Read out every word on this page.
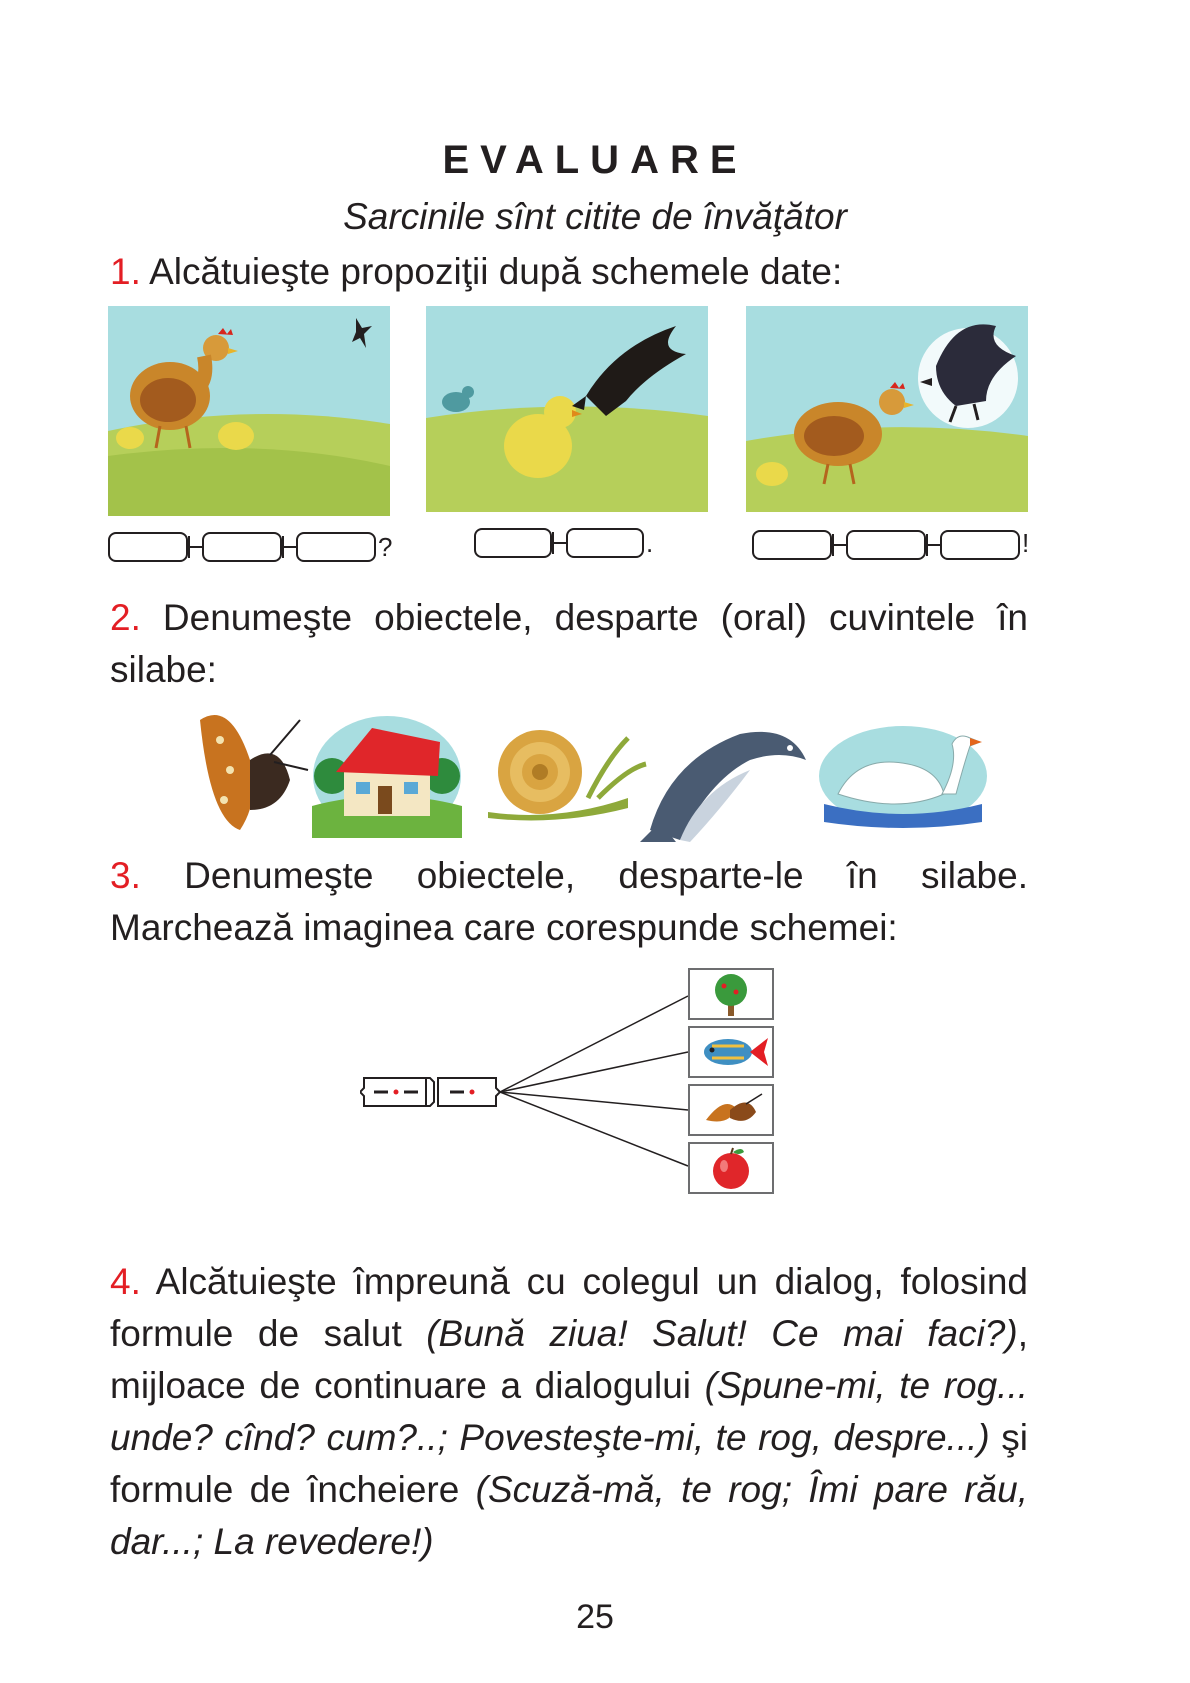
EVALUARE
Sarcinile sînt citite de învăţător
1. Alcătuieşte propoziţii după schemele date:
?	.	!
2. Denumeşte obiectele, desparte (oral) cuvintele în silabe:
3. Denumeşte obiectele, desparte-le în silabe. Marchează imaginea care corespunde schemei:
4. Alcătuieşte împreună cu colegul un dialog, folosind formule de salut (Bună ziua! Salut! Ce mai faci?), mijloace de continuare a dialogului (Spune-mi, te rog... unde? cînd? cum?..; Povesteşte-mi, te rog, despre...) şi formule de încheiere (Scuză-mă, te rog; Îmi pare rău, dar...; La revedere!)
25
